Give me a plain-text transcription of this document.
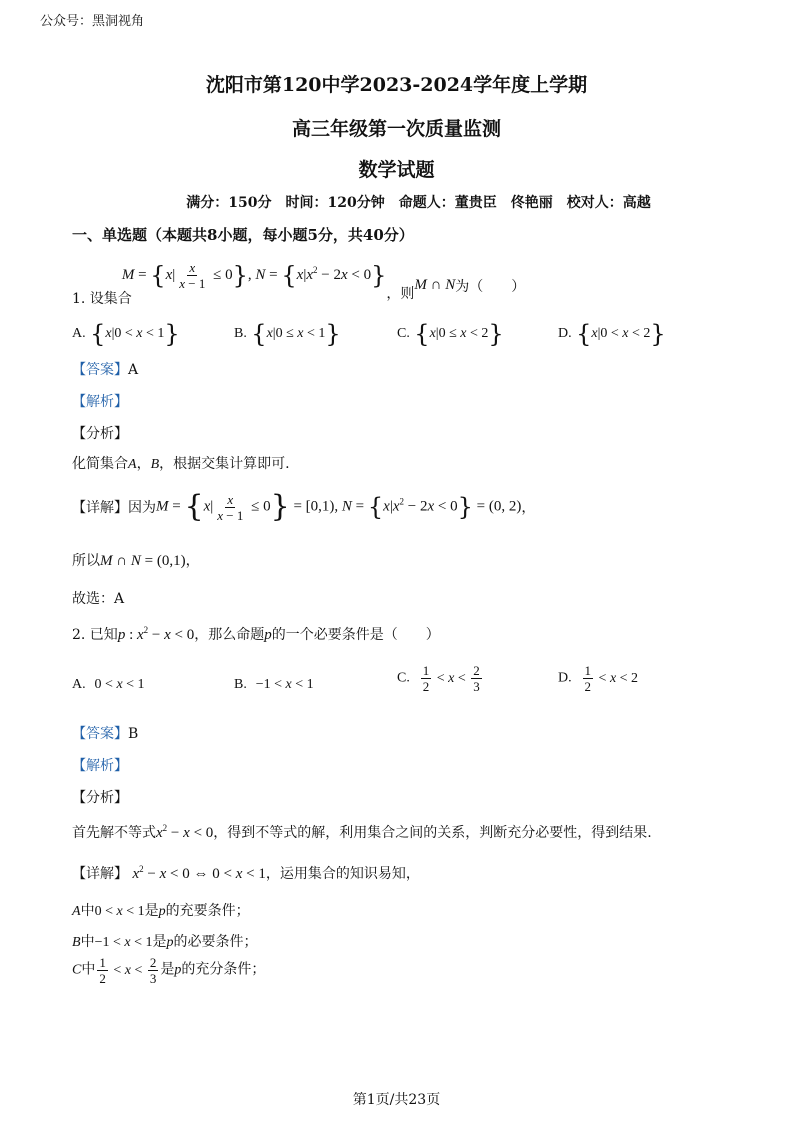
公众号：黑洞视角
沈阳市第120中学2023-2024学年度上学期
高三年级第一次质量监测
数学试题
满分：150分　时间：120分钟　命题人：董贵臣　佟艳丽　校对人：高越
一、单选题（本题共8小题，每小题5分，共40分）
1. 设集合
$M = \{x| \frac{x}{x - 1} \le 0\}$, $N = \{x|x^2 - 2x < 0\}$
，则
M ∩ N 为（　　）
A. {x|0 < x < 1}	B. {x|0 ≤ x < 1}	C. {x|0 ≤ x < 2}	D. {x|0 < x < 2}
【答案】A
【解析】
【分析】
化简集合A，B，根据交集计算即可.
【详解】 因为 $M = \{x| \frac{x}{x - 1} \le 0\} = [0,1)$, $N = \{x|x^2 - 2x < 0\} = (0$, 2) ，
所以M ∩ N = (0,1)，
故选：A
2. 已知p : $x^2 - x < 0$，那么命题p的一个必要条件是（　　）
A. 0 < x < 1	B. −1 < x < 1	C. $\frac{1}{2} < x < \frac{2}{3}$	D. $\frac{1}{2} < x < 2$
【答案】B
【解析】
【分析】
首先解不等式$x^2 - x < 0$，得到不等式的解，利用集合之间的关系，判断充分必要性，得到结果.
【详解】 $x^2 - x < 0$ ⇔ 0 < x < 1，运用集合的知识易知，
A中0 < x < 1是p的充要条件；
B中−1 < x < 1是p的必要条件；
C中 $\frac{1}{2} < x < \frac{2}{3}$ 是p的充分条件；
第1页/共23页
